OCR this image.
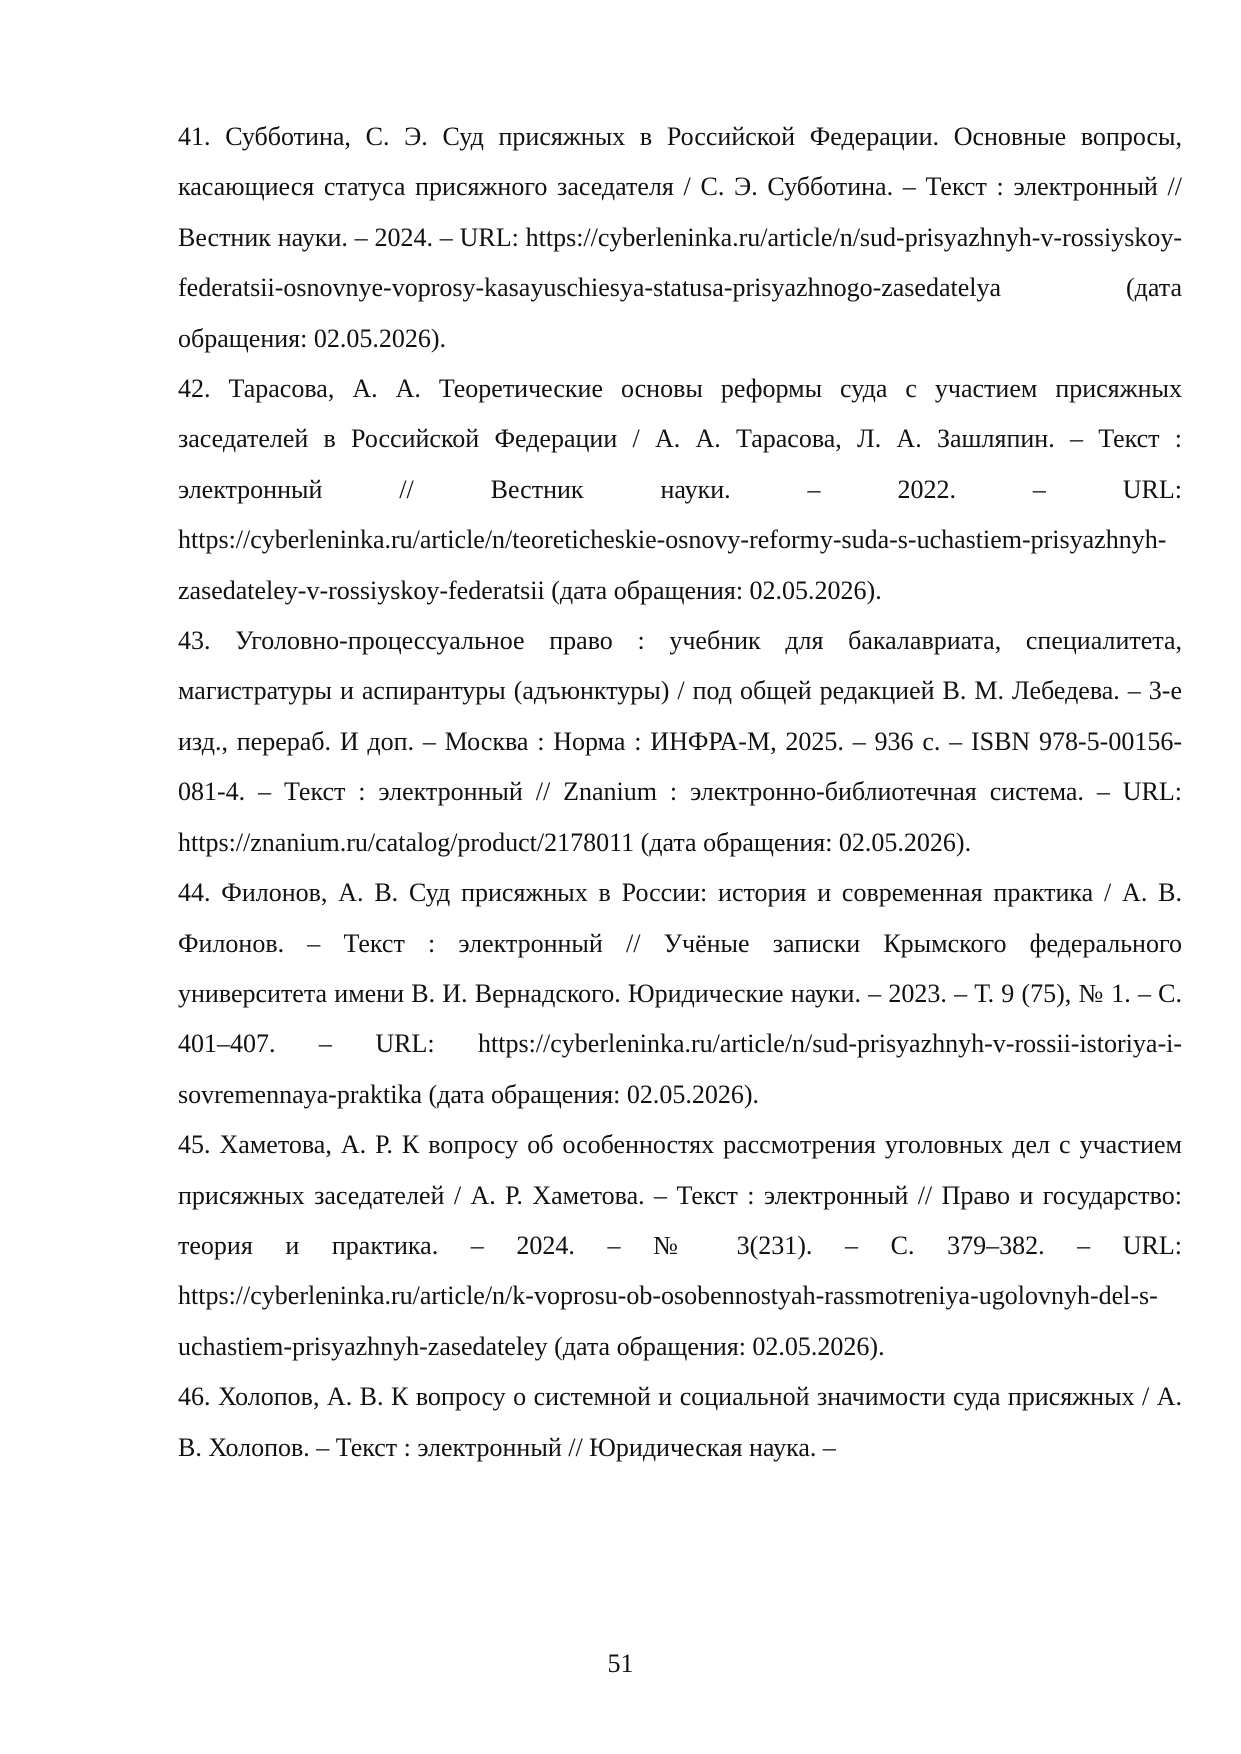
41. Субботина, С. Э. Суд присяжных в Российской Федерации. Основные вопросы, касающиеся статуса присяжного заседателя / С. Э. Субботина. – Текст : электронный // Вестник науки. – 2024. – URL: https://cyberleninka.ru/article/n/sud-prisyazhnyh-v-rossiyskoy-federatsii-osnovnye-voprosy-kasayuschiesya-statusa-prisyazhnogo-zasedatelya (дата обращения: 02.05.2026).

42. Тарасова, А. А. Теоретические основы реформы суда с участием присяжных заседателей в Российской Федерации / А. А. Тарасова, Л. А. Зашляпин. – Текст : электронный // Вестник науки. – 2022. – URL: https://cyberleninka.ru/article/n/teoreticheskie-osnovy-reformy-suda-s-uchastiem-prisyazhnyh-zasedateley-v-rossiyskoy-federatsii (дата обращения: 02.05.2026).

43. Уголовно-процессуальное право : учебник для бакалавриата, специалитета, магистратуры и аспирантуры (адъюнктуры) / под общей редакцией В. М. Лебедева. – 3-е изд., перераб. И доп. – Москва : Норма : ИНФРА-М, 2025. – 936 с. – ISBN 978-5-00156-081-4. – Текст : электронный // Znanium : электронно-библиотечная система. – URL: https://znanium.ru/catalog/product/2178011 (дата обращения: 02.05.2026).

44. Филонов, А. В. Суд присяжных в России: история и современная практика / А. В. Филонов. – Текст : электронный // Учёные записки Крымского федерального университета имени В. И. Вернадского. Юридические науки. – 2023. – Т. 9 (75), № 1. – С. 401–407. – URL: https://cyberleninka.ru/article/n/sud-prisyazhnyh-v-rossii-istoriya-i-sovremennaya-praktika (дата обращения: 02.05.2026).

45. Хаметова, А. Р. К вопросу об особенностях рассмотрения уголовных дел с участием присяжных заседателей / А. Р. Хаметова. – Текст : электронный // Право и государство: теория и практика. – 2024. – № 3(231). – С. 379–382. – URL: https://cyberleninka.ru/article/n/k-voprosu-ob-osobennostyah-rassmotreniya-ugolovnyh-del-s-uchastiem-prisyazhnyh-zasedateley (дата обращения: 02.05.2026).

46. Холопов, А. В. К вопросу о системной и социальной значимости суда присяжных / А. В. Холопов. – Текст : электронный // Юридическая наука. –

51
